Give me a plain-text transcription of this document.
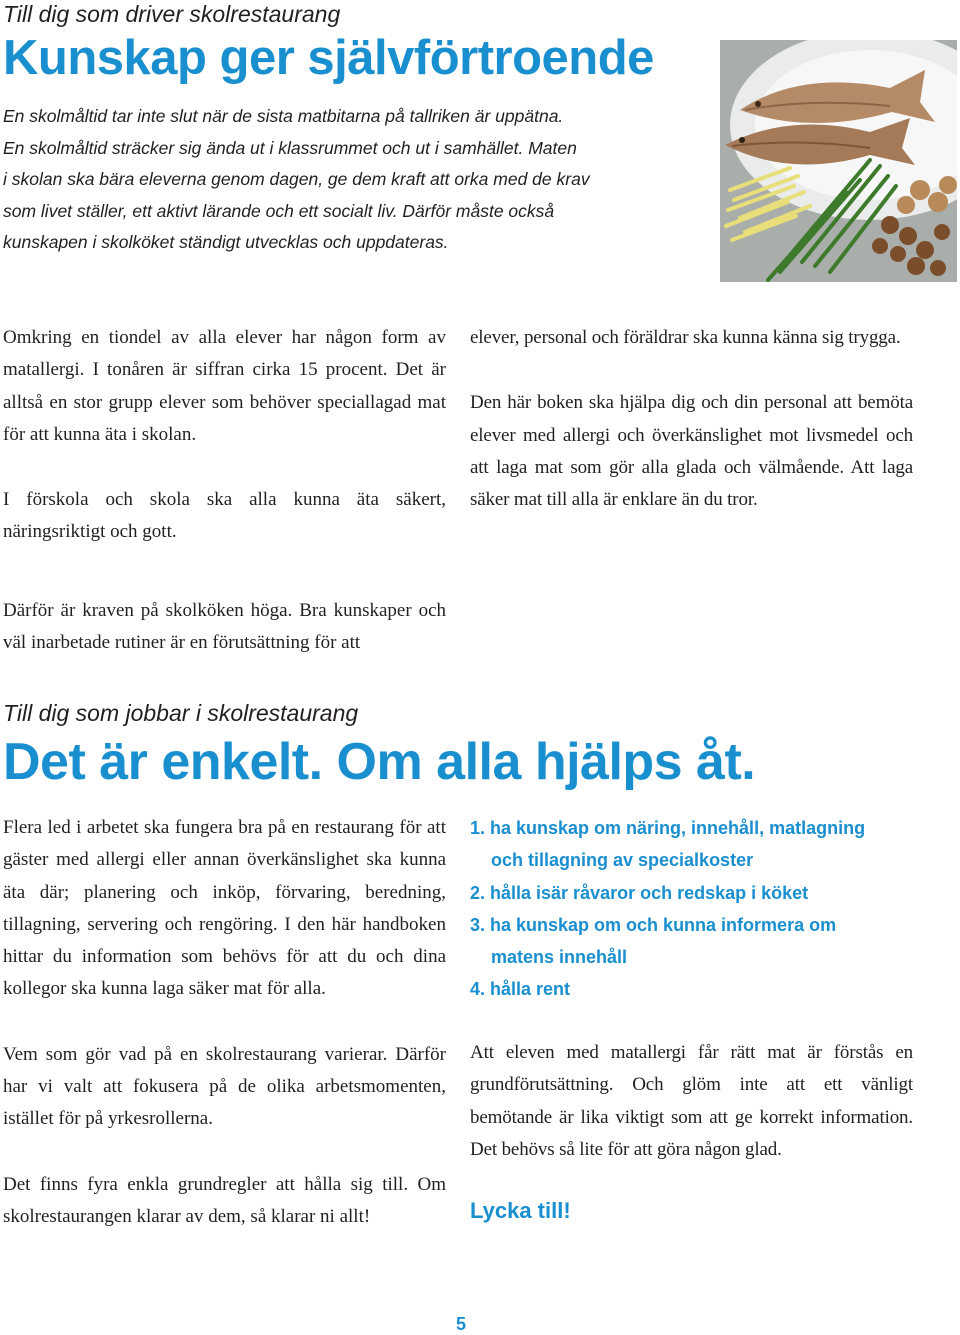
Till dig som driver skolrestaurang
Kunskap ger självförtroende

En skolmåltid tar inte slut när de sista matbitarna på tallriken är uppätna.

En skolmåltid sträcker sig ända ut i klassrummet och ut i samhället. Maten

i skolan ska bära eleverna genom dagen, ge dem kraft att orka med de krav

som livet ställer, ett aktivt lärande och ett socialt liv. Därför måste också

kunskapen i skolköket ständigt utvecklas och uppdateras.

Omkring en tiondel av alla elever har någon form av matallergi. I tonåren är siffran cirka 15 procent. Det är alltså en stor grupp elever som behöver speciallagad mat för att kunna äta i skolan.

I förskola och skola ska alla kunna äta säkert, näringsriktigt och gott.

Därför är kraven på skolköken höga. Bra kunskaper och väl inarbetade rutiner är en förutsättning för att

elever, personal och föräldrar ska kunna känna sig trygga.

Den här boken ska hjälpa dig och din personal att bemöta elever med allergi och överkänslighet mot livsmedel och att laga mat som gör alla glada och välmående. Att laga säker mat till alla är enklare än du tror.

Till dig som jobbar i skolrestaurang
Det är enkelt. Om alla hjälps åt.

Flera led i arbetet ska fungera bra på en restaurang för att gäster med allergi eller annan överkänslighet ska kunna äta där; planering och inköp, förvaring, beredning, tillagning, servering och rengöring. I den här handboken hittar du information som behövs för att du och dina kollegor ska kunna laga säker mat för alla.

Vem som gör vad på en skolrestaurang varierar. Därför har vi valt att fokusera på de olika arbetsmomenten, istället för på yrkesrollerna.

Det finns fyra enkla grundregler att hålla sig till. Om skolrestaurangen klarar av dem, så klarar ni allt!

1. ha kunskap om näring, innehåll, matlagning
och tillagning av specialkoster
2. hålla isär råvaror och redskap i köket
3. ha kunskap om och kunna informera om
matens innehåll
4. hålla rent
Att eleven med matallergi får rätt mat är förstås en grundförutsättning. Och glöm inte att ett vänligt bemötande är lika viktigt som att ge korrekt information. Det behövs så lite för att göra någon glad.
Lycka till!
5
